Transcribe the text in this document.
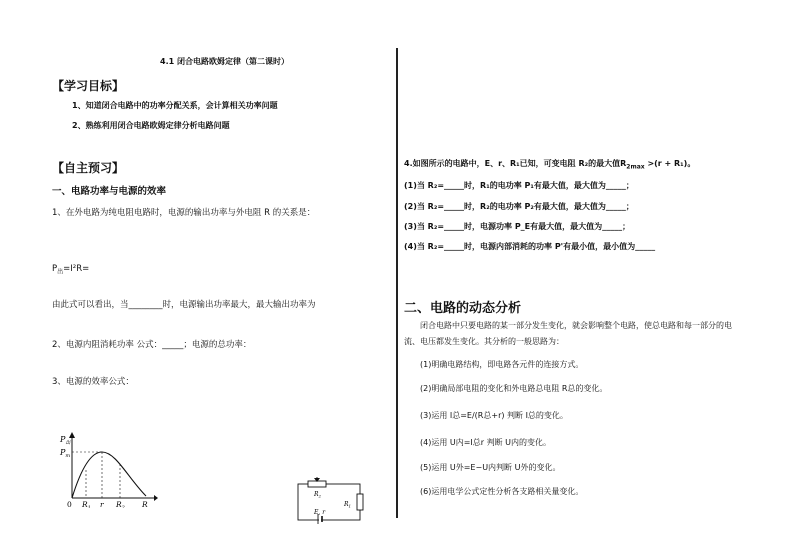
4.1 闭合电路欧姆定律（第二课时）
【学习目标】
1、知道闭合电路中的功率分配关系，会计算相关功率问题
2、熟练利用闭合电路欧姆定律分析电路问题
【自主预习】
一、电路功率与电源的效率
1、在外电路为纯电阻电路时，电源的输出功率与外电阻 R 的关系是：
$P_出=I^2R=$
由此式可以看出，当________时，电源输出功率最大，最大输出功率为
2、电源内阻消耗功率 公式：_____；电源的总功率：
3、电源的效率公式：
$P_出$
$P_m$
0 $R_1$ r $R_2$ R
$R_2$
$R_1$
E, r
4.如图所示的电路中，E、r、R₁已知，可变电阻 R₂的最大值$R_{2max} >(r + R_1)$。
(1)当 R₂=_____时，R₁的电功率 P₁有最大值，最大值为_____；
(2)当 R₂=_____时，R₂的电功率 P₂有最大值，最大值为_____；
(3)当 R₂=_____时，电源功率 P_E有最大值，最大值为_____；
(4)当 R₂=_____时，电源内部消耗的功率 P'有最小值，最小值为_____
二、电路的动态分析
闭合电路中只要电路的某一部分发生变化，就会影响整个电路，使总电路和每一部分的电
流、电压都发生变化。其分析的一般思路为：
(1)明确电路结构，即电路各元件的连接方式。
(2)明确局部电阻的变化和外电路总电阻 R总的变化。
(3)运用 I总=E/(R总+r) 判断 I总的变化。
(4)运用 U内=I总r 判断 U内的变化。
(5)运用 U外=E−U内判断 U外的变化。
(6)运用电学公式定性分析各支路相关量变化。
